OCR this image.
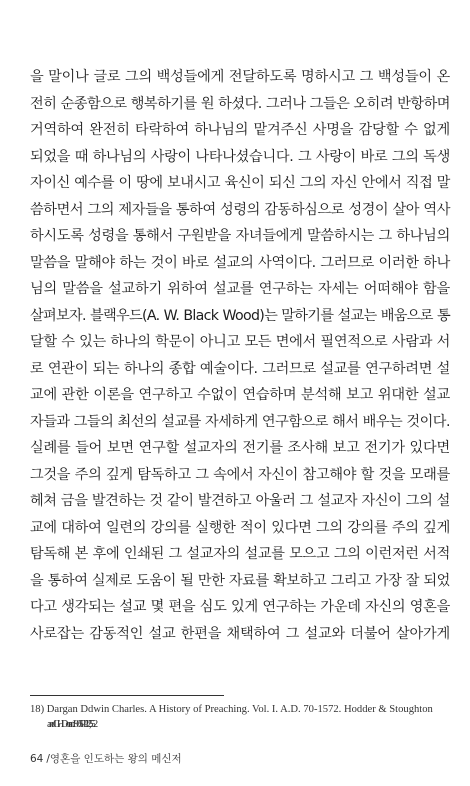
을 말이나 글로 그의 백성들에게 전달하도록 명하시고 그 백성들이 온
전히 순종함으로 행복하기를 원 하셨다. 그러나 그들은 오히려 반항하며
거역하여 완전히 타락하여 하나님의 맡겨주신 사명을 감당할 수 없게
되었을 때 하나님의 사랑이 나타나셨습니다. 그 사랑이 바로 그의 독생
자이신 예수를 이 땅에 보내시고 육신이 되신 그의 자신 안에서 직접 말
씀하면서 그의 제자들을 통하여 성령의 감동하심으로 성경이 살아 역사
하시도록 성령을 통해서 구원받을 자녀들에게 말씀하시는 그 하나님의
말씀을 말해야 하는 것이 바로 설교의 사역이다. 그러므로 이러한 하나
님의 말씀을 설교하기 위하여 설교를 연구하는 자세는 어떠해야 함을
살펴보자. 블랙우드(A. W. Black Wood)는 말하기를 설교는 배움으로 통
달할 수 있는 하나의 학문이 아니고 모든 면에서 필연적으로 사람과 서
로 연관이 되는 하나의 종합 예술이다. 그러므로 설교를 연구하려면 설
교에 관한 이론을 연구하고 수없이 연습하며 분석해 보고 위대한 설교
자들과 그들의 최선의 설교를 자세하게 연구함으로 해서 배우는 것이다.
실례를 들어 보면 연구할 설교자의 전기를 조사해 보고 전기가 있다면
그것을 주의 깊게 탐독하고 그 속에서 자신이 참고해야 할 것을 모래를
헤쳐 금을 발견하는 것 같이 발견하고 아울러 그 설교자 자신이 그의 설
교에 대하여 일련의 강의를 실행한 적이 있다면 그의 강의를 주의 깊게
탐독해 본 후에 인쇄된 그 설교자의 설교를 모으고 그의 이런저런 서적
을 통하여 실제로 도움이 될 만한 자료를 확보하고 그리고 가장 잘 되었
다고 생각되는 설교 몇 편을 심도 있게 연구하는 가운데 자신의 영혼을
사로잡는 감동적인 설교 한편을 채택하여 그 설교와 더불어 살아가게
18) Dargan Ddwin Charles. A History of Preaching. Vol. I. A.D. 70-1572. Hodder & Stoughton
and G. H. Doran. 1905. PP.12, 552
64 /영혼을 인도하는 왕의 메신저
